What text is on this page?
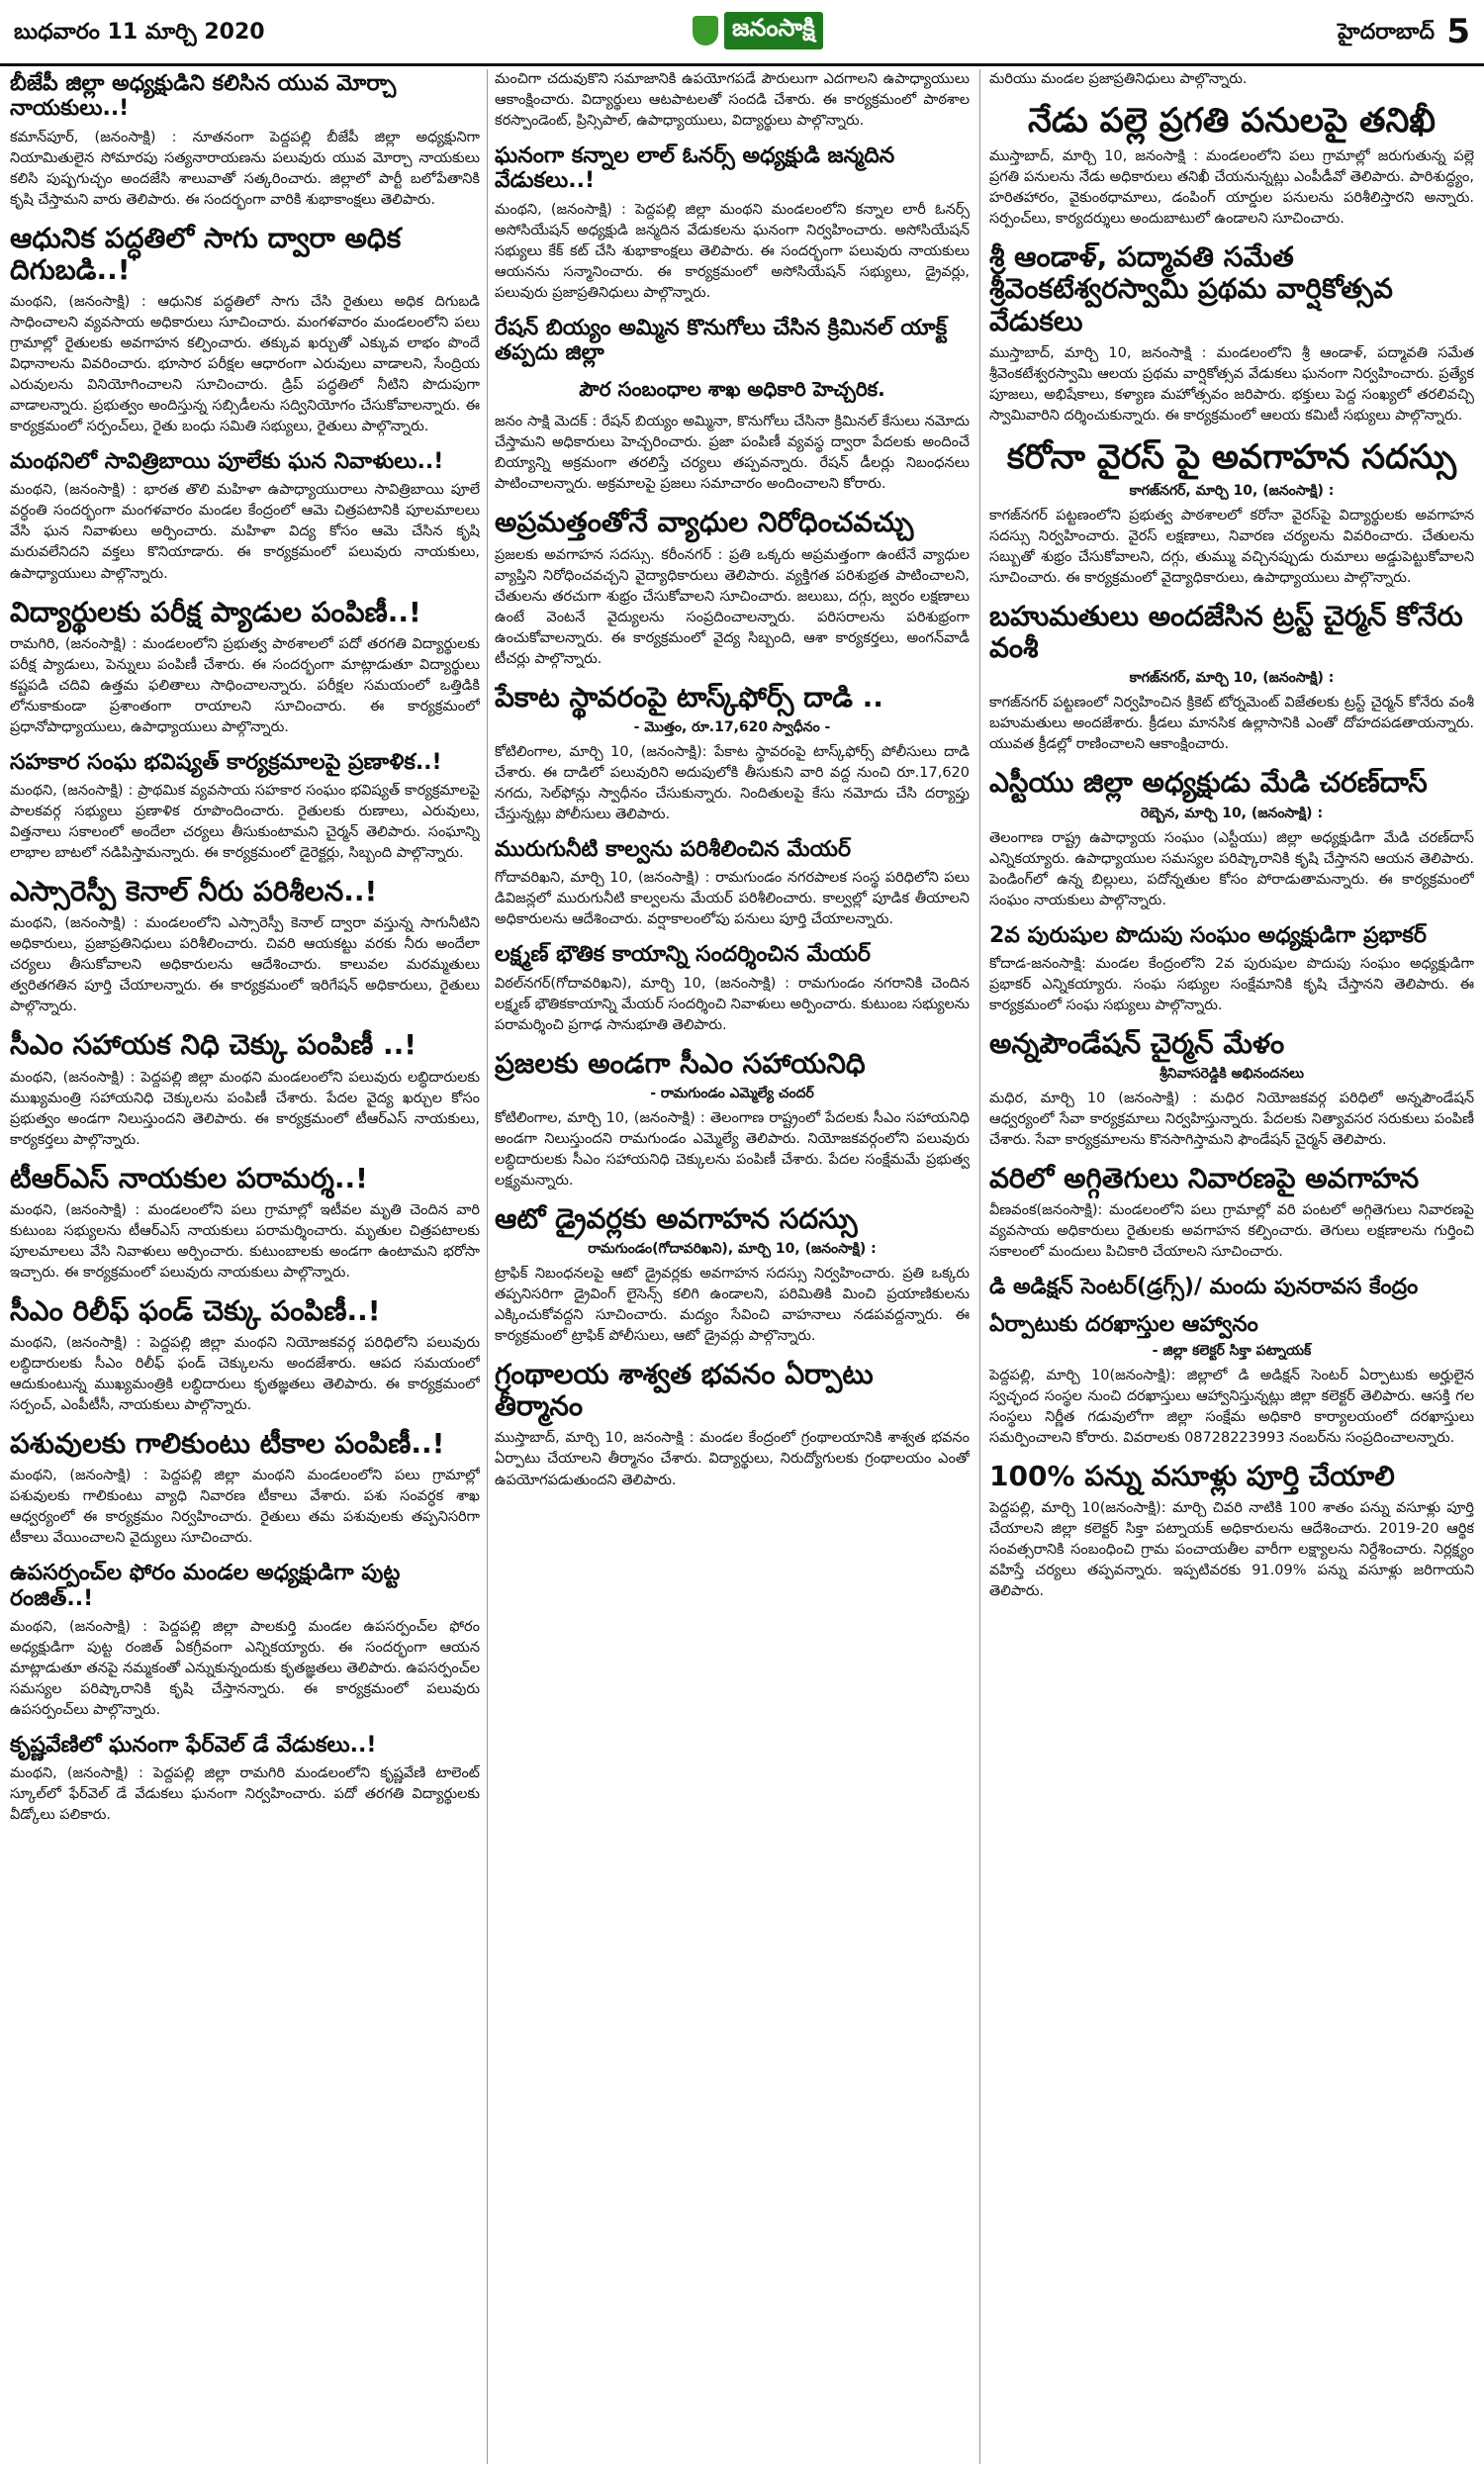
బుధవారం 11 మార్చి 2020	జనంసాక్షి	హైదరాబాద్ 5
బీజేపీ జిల్లా అధ్యక్షుడిని కలిసిన యువ మోర్చా నాయకులు..!
కమాన్‌పూర్, (జనంసాక్షి) : నూతనంగా పెద్దపల్లి బీజేపీ జిల్లా అధ్యక్షునిగా నియామితులైన సోమారపు సత్యనారాయణను పలువురు యువ మోర్చా నాయకులు కలిసి పుష్పగుచ్ఛం అందజేసి శాలువాతో సత్కరించారు. జిల్లాలో పార్టీ బలోపేతానికి కృషి చేస్తామని వారు తెలిపారు. ఈ సందర్భంగా వారికి శుభాకాంక్షలు తెలిపారు.
ఆధునిక పద్ధతిలో సాగు ద్వారా అధిక దిగుబడి..!
మంథని, (జనంసాక్షి) : ఆధునిక పద్ధతిలో సాగు చేసి రైతులు అధిక దిగుబడి సాధించాలని వ్యవసాయ అధికారులు సూచించారు. మంగళవారం మండలంలోని పలు గ్రామాల్లో రైతులకు అవగాహన కల్పించారు. తక్కువ ఖర్చుతో ఎక్కువ లాభం పొందే విధానాలను వివరించారు. భూసార పరీక్షల ఆధారంగా ఎరువులు వాడాలని, సేంద్రియ ఎరువులను వినియోగించాలని సూచించారు. డ్రిప్ పద్ధతిలో నీటిని పొదుపుగా వాడాలన్నారు. ప్రభుత్వం అందిస్తున్న సబ్సిడీలను సద్వినియోగం చేసుకోవాలన్నారు. ఈ కార్యక్రమంలో సర్పంచ్‌లు, రైతు బంధు సమితి సభ్యులు, రైతులు పాల్గొన్నారు.
మంథనిలో సావిత్రిబాయి పూలేకు ఘన నివాళులు..!
మంథని, (జనంసాక్షి) : భారత తొలి మహిళా ఉపాధ్యాయురాలు సావిత్రిబాయి పూలే వర్ధంతి సందర్భంగా మంగళవారం మండల కేంద్రంలో ఆమె చిత్రపటానికి పూలమాలలు వేసి ఘన నివాళులు అర్పించారు. మహిళా విద్య కోసం ఆమె చేసిన కృషి మరువలేనిదని వక్తలు కొనియాడారు. ఈ కార్యక్రమంలో పలువురు నాయకులు, ఉపాధ్యాయులు పాల్గొన్నారు.
విద్యార్థులకు పరీక్ష ప్యాడుల పంపిణీ..!
రామగిరి, (జనంసాక్షి) : మండలంలోని ప్రభుత్వ పాఠశాలలో పదో తరగతి విద్యార్థులకు పరీక్ష ప్యాడులు, పెన్నులు పంపిణీ చేశారు. ఈ సందర్భంగా మాట్లాడుతూ విద్యార్థులు కష్టపడి చదివి ఉత్తమ ఫలితాలు సాధించాలన్నారు. పరీక్షల సమయంలో ఒత్తిడికి లోనుకాకుండా ప్రశాంతంగా రాయాలని సూచించారు. ఈ కార్యక్రమంలో ప్రధానోపాధ్యాయులు, ఉపాధ్యాయులు పాల్గొన్నారు.
సహకార సంఘ భవిష్యత్ కార్యక్రమాలపై ప్రణాళిక..!
మంథని, (జనంసాక్షి) : ప్రాథమిక వ్యవసాయ సహకార సంఘం భవిష్యత్ కార్యక్రమాలపై పాలకవర్గ సభ్యులు ప్రణాళిక రూపొందించారు. రైతులకు రుణాలు, ఎరువులు, విత్తనాలు సకాలంలో అందేలా చర్యలు తీసుకుంటామని చైర్మన్ తెలిపారు. సంఘాన్ని లాభాల బాటలో నడిపిస్తామన్నారు. ఈ కార్యక్రమంలో డైరెక్టర్లు, సిబ్బంది పాల్గొన్నారు.
ఎస్సారెస్పీ కెనాల్ నీరు పరిశీలన..!
మంథని, (జనంసాక్షి) : మండలంలోని ఎస్సారెస్పీ కెనాల్ ద్వారా వస్తున్న సాగునీటిని అధికారులు, ప్రజాప్రతినిధులు పరిశీలించారు. చివరి ఆయకట్టు వరకు నీరు అందేలా చర్యలు తీసుకోవాలని అధికారులను ఆదేశించారు. కాలువల మరమ్మతులు త్వరితగతిన పూర్తి చేయాలన్నారు. ఈ కార్యక్రమంలో ఇరిగేషన్ అధికారులు, రైతులు పాల్గొన్నారు.
సీఎం సహాయక నిధి చెక్కు పంపిణీ ..!
మంథని, (జనంసాక్షి) : పెద్దపల్లి జిల్లా మంథని మండలంలోని పలువురు లబ్ధిదారులకు ముఖ్యమంత్రి సహాయనిధి చెక్కులను పంపిణీ చేశారు. పేదల వైద్య ఖర్చుల కోసం ప్రభుత్వం అండగా నిలుస్తుందని తెలిపారు. ఈ కార్యక్రమంలో టీఆర్ఎస్ నాయకులు, కార్యకర్తలు పాల్గొన్నారు.
టీఆర్ఎస్ నాయకుల పరామర్శ..!
మంథని, (జనంసాక్షి) : మండలంలోని పలు గ్రామాల్లో ఇటీవల మృతి చెందిన వారి కుటుంబ సభ్యులను టీఆర్ఎస్ నాయకులు పరామర్శించారు. మృతుల చిత్రపటాలకు పూలమాలలు వేసి నివాళులు అర్పించారు. కుటుంబాలకు అండగా ఉంటామని భరోసా ఇచ్చారు. ఈ కార్యక్రమంలో పలువురు నాయకులు పాల్గొన్నారు.
సీఎం రిలీఫ్ ఫండ్ చెక్కు పంపిణీ..!
మంథని, (జనంసాక్షి) : పెద్దపల్లి జిల్లా మంథని నియోజకవర్గ పరిధిలోని పలువురు లబ్ధిదారులకు సీఎం రిలీఫ్ ఫండ్ చెక్కులను అందజేశారు. ఆపద సమయంలో ఆదుకుంటున్న ముఖ్యమంత్రికి లబ్ధిదారులు కృతజ్ఞతలు తెలిపారు. ఈ కార్యక్రమంలో సర్పంచ్, ఎంపీటీసీ, నాయకులు పాల్గొన్నారు.
పశువులకు గాలికుంటు టీకాల పంపిణీ..!
మంథని, (జనంసాక్షి) : పెద్దపల్లి జిల్లా మంథని మండలంలోని పలు గ్రామాల్లో పశువులకు గాలికుంటు వ్యాధి నివారణ టీకాలు వేశారు. పశు సంవర్ధక శాఖ ఆధ్వర్యంలో ఈ కార్యక్రమం నిర్వహించారు. రైతులు తమ పశువులకు తప్పనిసరిగా టీకాలు వేయించాలని వైద్యులు సూచించారు.
ఉపసర్పంచ్‌ల ఫోరం మండల అధ్యక్షుడిగా పుట్ట రంజిత్..!
మంథని, (జనంసాక్షి) : పెద్దపల్లి జిల్లా పాలకుర్తి మండల ఉపసర్పంచ్‌ల ఫోరం అధ్యక్షుడిగా పుట్ట రంజిత్ ఏకగ్రీవంగా ఎన్నికయ్యారు. ఈ సందర్భంగా ఆయన మాట్లాడుతూ తనపై నమ్మకంతో ఎన్నుకున్నందుకు కృతజ్ఞతలు తెలిపారు. ఉపసర్పంచ్‌ల సమస్యల పరిష్కారానికి కృషి చేస్తానన్నారు. ఈ కార్యక్రమంలో పలువురు ఉపసర్పంచ్‌లు పాల్గొన్నారు.
కృష్ణవేణిలో ఘనంగా ఫేర్‌వెల్ డే వేడుకలు..!
మంథని, (జనంసాక్షి) : పెద్దపల్లి జిల్లా రామగిరి మండలంలోని కృష్ణవేణి టాలెంట్ స్కూల్‌లో ఫేర్‌వెల్ డే వేడుకలు ఘనంగా నిర్వహించారు. పదో తరగతి విద్యార్థులకు వీడ్కోలు పలికారు.
మంచిగా చదువుకొని సమాజానికి ఉపయోగపడే పౌరులుగా ఎదగాలని ఉపాధ్యాయులు ఆకాంక్షించారు. విద్యార్థులు ఆటపాటలతో సందడి చేశారు. ఈ కార్యక్రమంలో పాఠశాల కరస్పాండెంట్, ప్రిన్సిపాల్, ఉపాధ్యాయులు, విద్యార్థులు పాల్గొన్నారు.
ఘనంగా కన్నాల లాల్ ఓనర్స్ అధ్యక్షుడి జన్మదిన వేడుకలు..!
మంథని, (జనంసాక్షి) : పెద్దపల్లి జిల్లా మంథని మండలంలోని కన్నాల లారీ ఓనర్స్ అసోసియేషన్ అధ్యక్షుడి జన్మదిన వేడుకలను ఘనంగా నిర్వహించారు. అసోసియేషన్ సభ్యులు కేక్ కట్ చేసి శుభాకాంక్షలు తెలిపారు. ఈ సందర్భంగా పలువురు నాయకులు ఆయనను సన్మానించారు. ఈ కార్యక్రమంలో అసోసియేషన్ సభ్యులు, డ్రైవర్లు, పలువురు ప్రజాప్రతినిధులు పాల్గొన్నారు.
రేషన్ బియ్యం అమ్మిన కొనుగోలు చేసిన క్రిమినల్ యాక్ట్ తప్పదు జిల్లా
పౌర సంబంధాల శాఖ అధికారి హెచ్చరిక.
జనం సాక్షి మెదక్ : రేషన్ బియ్యం అమ్మినా, కొనుగోలు చేసినా క్రిమినల్ కేసులు నమోదు చేస్తామని అధికారులు హెచ్చరించారు. ప్రజా పంపిణీ వ్యవస్థ ద్వారా పేదలకు అందించే బియ్యాన్ని అక్రమంగా తరలిస్తే చర్యలు తప్పవన్నారు. రేషన్ డీలర్లు నిబంధనలు పాటించాలన్నారు. అక్రమాలపై ప్రజలు సమాచారం అందించాలని కోరారు.
అప్రమత్తంతోనే వ్యాధుల నిరోధించవచ్చు
ప్రజలకు అవగాహన సదస్సు. కరీంనగర్ : ప్రతి ఒక్కరు అప్రమత్తంగా ఉంటేనే వ్యాధుల వ్యాప్తిని నిరోధించవచ్చని వైద్యాధికారులు తెలిపారు. వ్యక్తిగత పరిశుభ్రత పాటించాలని, చేతులను తరచుగా శుభ్రం చేసుకోవాలని సూచించారు. జలుబు, దగ్గు, జ్వరం లక్షణాలు ఉంటే వెంటనే వైద్యులను సంప్రదించాలన్నారు. పరిసరాలను పరిశుభ్రంగా ఉంచుకోవాలన్నారు. ఈ కార్యక్రమంలో వైద్య సిబ్బంది, ఆశా కార్యకర్తలు, అంగన్‌వాడీ టీచర్లు పాల్గొన్నారు.
పేకాట స్థావరంపై టాస్క్‌ఫోర్స్ దాడి ..
- మొత్తం, రూ.17,620 స్వాధీనం -
కోటిలింగాల, మార్చి 10, (జనంసాక్షి): పేకాట స్థావరంపై టాస్క్‌ఫోర్స్ పోలీసులు దాడి చేశారు. ఈ దాడిలో పలువురిని అదుపులోకి తీసుకుని వారి వద్ద నుంచి రూ.17,620 నగదు, సెల్‌ఫోన్లు స్వాధీనం చేసుకున్నారు. నిందితులపై కేసు నమోదు చేసి దర్యాప్తు చేస్తున్నట్లు పోలీసులు తెలిపారు.
మురుగునీటి కాల్వను పరిశీలించిన మేయర్
గోదావరిఖని, మార్చి 10, (జనంసాక్షి) : రామగుండం నగరపాలక సంస్థ పరిధిలోని పలు డివిజన్లలో మురుగునీటి కాల్వలను మేయర్ పరిశీలించారు. కాల్వల్లో పూడిక తీయాలని అధికారులను ఆదేశించారు. వర్షాకాలంలోపు పనులు పూర్తి చేయాలన్నారు.
లక్ష్మణ్ భౌతిక కాయాన్ని సందర్శించిన మేయర్
విఠల్‌నగర్(గోదావరిఖని), మార్చి 10, (జనంసాక్షి) : రామగుండం నగరానికి చెందిన లక్ష్మణ్ భౌతికకాయాన్ని మేయర్ సందర్శించి నివాళులు అర్పించారు. కుటుంబ సభ్యులను పరామర్శించి ప్రగాఢ సానుభూతి తెలిపారు.
ప్రజలకు అండగా సీఎం సహాయనిధి
- రామగుండం ఎమ్మెల్యే చందర్
కోటిలింగాల, మార్చి 10, (జనంసాక్షి) : తెలంగాణ రాష్ట్రంలో పేదలకు సీఎం సహాయనిధి అండగా నిలుస్తుందని రామగుండం ఎమ్మెల్యే తెలిపారు. నియోజకవర్గంలోని పలువురు లబ్ధిదారులకు సీఎం సహాయనిధి చెక్కులను పంపిణీ చేశారు. పేదల సంక్షేమమే ప్రభుత్వ లక్ష్యమన్నారు.
ఆటో డ్రైవర్లకు అవగాహన సదస్సు
రామగుండం(గోదావరిఖని), మార్చి 10, (జనంసాక్షి) :
ట్రాఫిక్ నిబంధనలపై ఆటో డ్రైవర్లకు అవగాహన సదస్సు నిర్వహించారు. ప్రతి ఒక్కరు తప్పనిసరిగా డ్రైవింగ్ లైసెన్స్ కలిగి ఉండాలని, పరిమితికి మించి ప్రయాణికులను ఎక్కించుకోవద్దని సూచించారు. మద్యం సేవించి వాహనాలు నడపవద్దన్నారు. ఈ కార్యక్రమంలో ట్రాఫిక్ పోలీసులు, ఆటో డ్రైవర్లు పాల్గొన్నారు.
గ్రంథాలయ శాశ్వత భవనం ఏర్పాటు తీర్మానం
ముస్తాబాద్, మార్చి 10, జనంసాక్షి : మండల కేంద్రంలో గ్రంథాలయానికి శాశ్వత భవనం ఏర్పాటు చేయాలని తీర్మానం చేశారు. విద్యార్థులు, నిరుద్యోగులకు గ్రంథాలయం ఎంతో ఉపయోగపడుతుందని తెలిపారు.
మరియు మండల ప్రజాప్రతినిధులు పాల్గొన్నారు.
నేడు పల్లె ప్రగతి పనులపై తనిఖీ
ముస్తాబాద్, మార్చి 10, జనంసాక్షి : మండలంలోని పలు గ్రామాల్లో జరుగుతున్న పల్లె ప్రగతి పనులను నేడు అధికారులు తనిఖీ చేయనున్నట్లు ఎంపీడీవో తెలిపారు. పారిశుద్ధ్యం, హరితహారం, వైకుంఠధామాలు, డంపింగ్ యార్డుల పనులను పరిశీలిస్తారని అన్నారు. సర్పంచ్‌లు, కార్యదర్శులు అందుబాటులో ఉండాలని సూచించారు.
శ్రీ ఆండాళ్, పద్మావతి సమేత శ్రీవెంకటేశ్వరస్వామి ప్రథమ వార్షికోత్సవ వేడుకలు
ముస్తాబాద్, మార్చి 10, జనంసాక్షి : మండలంలోని శ్రీ ఆండాళ్, పద్మావతి సమేత శ్రీవెంకటేశ్వరస్వామి ఆలయ ప్రథమ వార్షికోత్సవ వేడుకలు ఘనంగా నిర్వహించారు. ప్రత్యేక పూజలు, అభిషేకాలు, కళ్యాణ మహోత్సవం జరిపారు. భక్తులు పెద్ద సంఖ్యలో తరలివచ్చి స్వామివారిని దర్శించుకున్నారు. ఈ కార్యక్రమంలో ఆలయ కమిటీ సభ్యులు పాల్గొన్నారు.
కరోనా వైరస్ పై అవగాహన సదస్సు
కాగజ్‌నగర్, మార్చి 10, (జనంసాక్షి) :
కాగజ్‌నగర్ పట్టణంలోని ప్రభుత్వ పాఠశాలలో కరోనా వైరస్‌పై విద్యార్థులకు అవగాహన సదస్సు నిర్వహించారు. వైరస్ లక్షణాలు, నివారణ చర్యలను వివరించారు. చేతులను సబ్బుతో శుభ్రం చేసుకోవాలని, దగ్గు, తుమ్ము వచ్చినప్పుడు రుమాలు అడ్డుపెట్టుకోవాలని సూచించారు. ఈ కార్యక్రమంలో వైద్యాధికారులు, ఉపాధ్యాయులు పాల్గొన్నారు.
బహుమతులు అందజేసిన ట్రస్ట్ చైర్మన్ కోనేరు వంశీ
కాగజ్‌నగర్, మార్చి 10, (జనంసాక్షి) :
కాగజ్‌నగర్ పట్టణంలో నిర్వహించిన క్రికెట్ టోర్నమెంట్ విజేతలకు ట్రస్ట్ చైర్మన్ కోనేరు వంశీ బహుమతులు అందజేశారు. క్రీడలు మానసిక ఉల్లాసానికి ఎంతో దోహదపడతాయన్నారు. యువత క్రీడల్లో రాణించాలని ఆకాంక్షించారు.
ఎస్టీయు జిల్లా అధ్యక్షుడు మేడి చరణ్‌దాస్
రెబ్బెన, మార్చి 10, (జనంసాక్షి) :
తెలంగాణ రాష్ట్ర ఉపాధ్యాయ సంఘం (ఎస్టీయు) జిల్లా అధ్యక్షుడిగా మేడి చరణ్‌దాస్ ఎన్నికయ్యారు. ఉపాధ్యాయుల సమస్యల పరిష్కారానికి కృషి చేస్తానని ఆయన తెలిపారు. పెండింగ్‌లో ఉన్న బిల్లులు, పదోన్నతుల కోసం పోరాడుతామన్నారు. ఈ కార్యక్రమంలో సంఘం నాయకులు పాల్గొన్నారు.
2వ పురుషుల పొదుపు సంఘం అధ్యక్షుడిగా ప్రభాకర్
కోదాడ-జనంసాక్షి: మండల కేంద్రంలోని 2వ పురుషుల పొదుపు సంఘం అధ్యక్షుడిగా ప్రభాకర్ ఎన్నికయ్యారు. సంఘ సభ్యుల సంక్షేమానికి కృషి చేస్తానని తెలిపారు. ఈ కార్యక్రమంలో సంఘ సభ్యులు పాల్గొన్నారు.
అన్నపౌండేషన్ చైర్మన్ మేళం
శ్రీనివాసరెడ్డికి అభినందనలు
మధిర, మార్చి 10 (జనంసాక్షి) : మధిర నియోజకవర్గ పరిధిలో అన్నపౌండేషన్ ఆధ్వర్యంలో సేవా కార్యక్రమాలు నిర్వహిస్తున్నారు. పేదలకు నిత్యావసర సరుకులు పంపిణీ చేశారు. సేవా కార్యక్రమాలను కొనసాగిస్తామని ఫౌండేషన్ చైర్మన్ తెలిపారు.
వరిలో అగ్గితెగులు నివారణపై అవగాహన
వీణవంక(జనంసాక్షి): మండలంలోని పలు గ్రామాల్లో వరి పంటలో అగ్గితెగులు నివారణపై వ్యవసాయ అధికారులు రైతులకు అవగాహన కల్పించారు. తెగులు లక్షణాలను గుర్తించి సకాలంలో మందులు పిచికారి చేయాలని సూచించారు.
డి అడిక్షన్ సెంటర్(డ్రగ్స్)/ మందు పునరావస కేంద్రం
ఏర్పాటుకు దరఖాస్తుల ఆహ్వానం
- జిల్లా కలెక్టర్ సిక్తా పట్నాయక్
పెద్దపల్లి, మార్చి 10(జనంసాక్షి): జిల్లాలో డి అడిక్షన్ సెంటర్ ఏర్పాటుకు అర్హులైన స్వచ్ఛంద సంస్థల నుంచి దరఖాస్తులు ఆహ్వానిస్తున్నట్లు జిల్లా కలెక్టర్ తెలిపారు. ఆసక్తి గల సంస్థలు నిర్ణీత గడువులోగా జిల్లా సంక్షేమ అధికారి కార్యాలయంలో దరఖాస్తులు సమర్పించాలని కోరారు. వివరాలకు 08728223993 నంబర్‌ను సంప్రదించాలన్నారు.
100% పన్ను వసూళ్లు పూర్తి చేయాలి
పెద్దపల్లి, మార్చి 10(జనంసాక్షి): మార్చి చివరి నాటికి 100 శాతం పన్ను వసూళ్లు పూర్తి చేయాలని జిల్లా కలెక్టర్ సిక్తా పట్నాయక్ అధికారులను ఆదేశించారు. 2019-20 ఆర్థిక సంవత్సరానికి సంబంధించి గ్రామ పంచాయతీల వారీగా లక్ష్యాలను నిర్దేశించారు. నిర్లక్ష్యం వహిస్తే చర్యలు తప్పవన్నారు. ఇప్పటివరకు 91.09% పన్ను వసూళ్లు జరిగాయని తెలిపారు.
